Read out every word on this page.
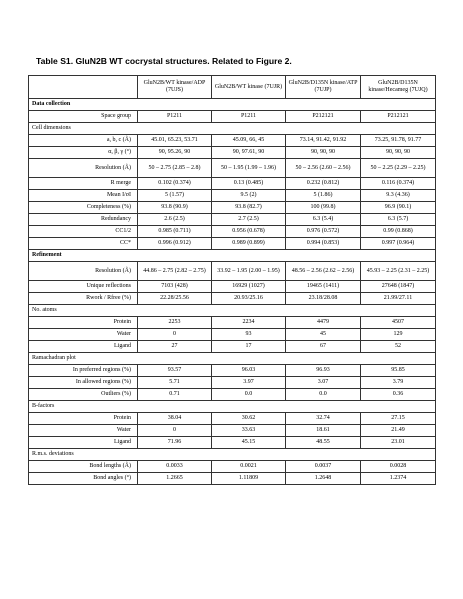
Table S1. GluN2B WT cocrystal structures. Related to Figure 2.
	GluN2B/WT kinase/ADP (7UJS)	GluN2B/WT kinase (7UJR)	GluN2B/D135N kinase/ATP (7UJP)	GluN2B/D135N kinase/Hecameg (7UJQ)
Data collection				
Space group	P1211	P1211	P212121	P212121
Cell dimensions				
a, b, c (Å)	45.01, 65.23, 53.71	45.09, 66, 45	73.14, 91.42, 91.92	73.25, 91.78, 91.77
α, β, γ (°)	90, 95.26, 90	90, 97.61, 90	90, 90, 90	90, 90, 90
Resolution (Å)	50 – 2.75 (2.85 – 2.8)	50 – 1.95 (1.99 – 1.96)	50 – 2.56 (2.60 – 2.56)	50 – 2.25 (2.29 – 2.25)
R merge	0.102 (0.374)	0.13 (0.485)	0.232 (0.812)	0.116 (0.374)
Mean I/σI	5 (1.57)	9.5 (2)	5 (1.86)	9.3 (4.36)
Completeness (%)	93.8 (90.9)	93.8 (82.7)	100 (99.8)	96.9 (90.1)
Redundancy	2.6 (2.5)	2.7 (2.5)	6.3 (5.4)	6.3 (5.7)
CC1/2	0.985 (0.711)	0.956 (0.678)	0.976 (0.572)	0.99 (0.868)
CC*	0.996 (0.912)	0.989 (0.899)	0.994 (0.853)	0.997 (0.964)
Refinement				
Resolution (Å)	44.86 – 2.75 (2.82 – 2.75)	33.92 – 1.95 (2.00 – 1.95)	48.56 – 2.56 (2.62 – 2.56)	45.93 – 2.25 (2.31 – 2.25)
Unique reflections	7103 (428)	16929 (1027)	19465 (1411)	27648 (1847)
Rwork / Rfree (%)	22.28/25.56	20.93/25.16	23.18/28.08	21.99/27.11
No. atoms				
Protein	2253	2234	4479	4507
Water	0	93	45	129
Ligand	27	17	67	52
Ramachadran plot				
In preferred regions (%)	93.57	96.03	96.93	95.85
In allowed regions (%)	5.71	3.97	3.07	3.79
Outliers (%)	0.71	0.0	0.0	0.36
B-factors				
Protein	38.04	30.62	32.74	27.15
Water	0	33.63	18.61	21.49
Ligand	71.96	45.15	48.55	23.01
R.m.s. deviations				
Bond lengths (Å)	0.0033	0.0021	0.0037	0.0028
Bond angles (°)	1.2665	1.11809	1.2648	1.2374
